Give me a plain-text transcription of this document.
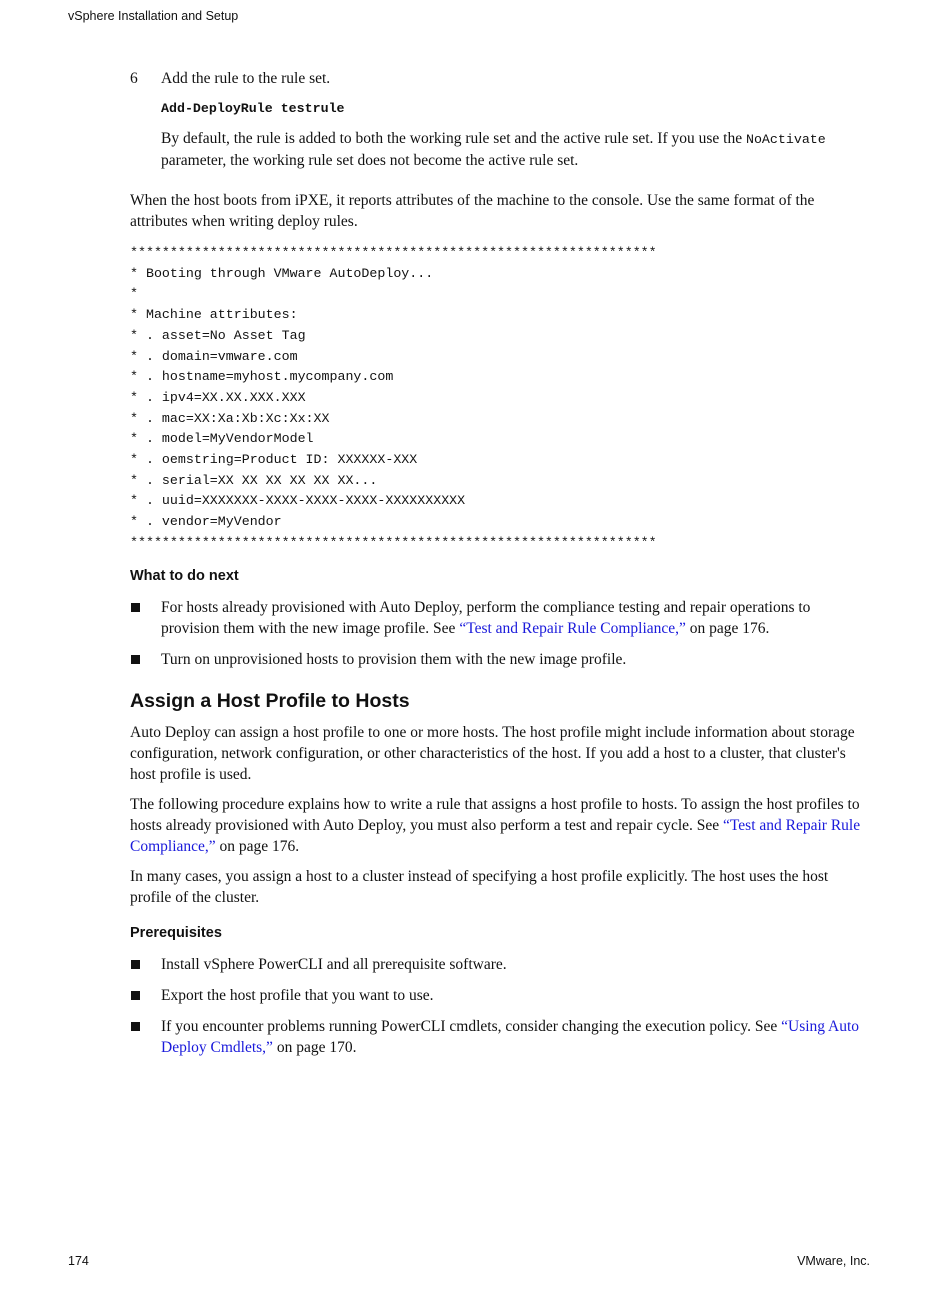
vSphere Installation and Setup
6 Add the rule to the rule set.
Add-DeployRule testrule
By default, the rule is added to both the working rule set and the active rule set. If you use the NoActivate parameter, the working rule set does not become the active rule set.
When the host boots from iPXE, it reports attributes of the machine to the console. Use the same format of the attributes when writing deploy rules.
******************************************************************
* Booting through VMware AutoDeploy...
*
* Machine attributes:
* . asset=No Asset Tag
* . domain=vmware.com
* . hostname=myhost.mycompany.com
* . ipv4=XX.XX.XXX.XXX
* . mac=XX:Xa:Xb:Xc:Xx:XX
* . model=MyVendorModel
* . oemstring=Product ID: XXXXXX-XXX
* . serial=XX XX XX XX XX XX...
* . uuid=XXXXXXX-XXXX-XXXX-XXXX-XXXXXXXXXX
* . vendor=MyVendor
******************************************************************
What to do next
For hosts already provisioned with Auto Deploy, perform the compliance testing and repair operations to provision them with the new image profile. See “Test and Repair Rule Compliance,” on page 176.
Turn on unprovisioned hosts to provision them with the new image profile.
Assign a Host Profile to Hosts
Auto Deploy can assign a host profile to one or more hosts. The host profile might include information about storage configuration, network configuration, or other characteristics of the host. If you add a host to a cluster, that cluster's host profile is used.
The following procedure explains how to write a rule that assigns a host profile to hosts. To assign the host profiles to hosts already provisioned with Auto Deploy, you must also perform a test and repair cycle. See “Test and Repair Rule Compliance,” on page 176.
In many cases, you assign a host to a cluster instead of specifying a host profile explicitly. The host uses the host profile of the cluster.
Prerequisites
Install vSphere PowerCLI and all prerequisite software.
Export the host profile that you want to use.
If you encounter problems running PowerCLI cmdlets, consider changing the execution policy. See “Using Auto Deploy Cmdlets,” on page 170.
174	VMware, Inc.
